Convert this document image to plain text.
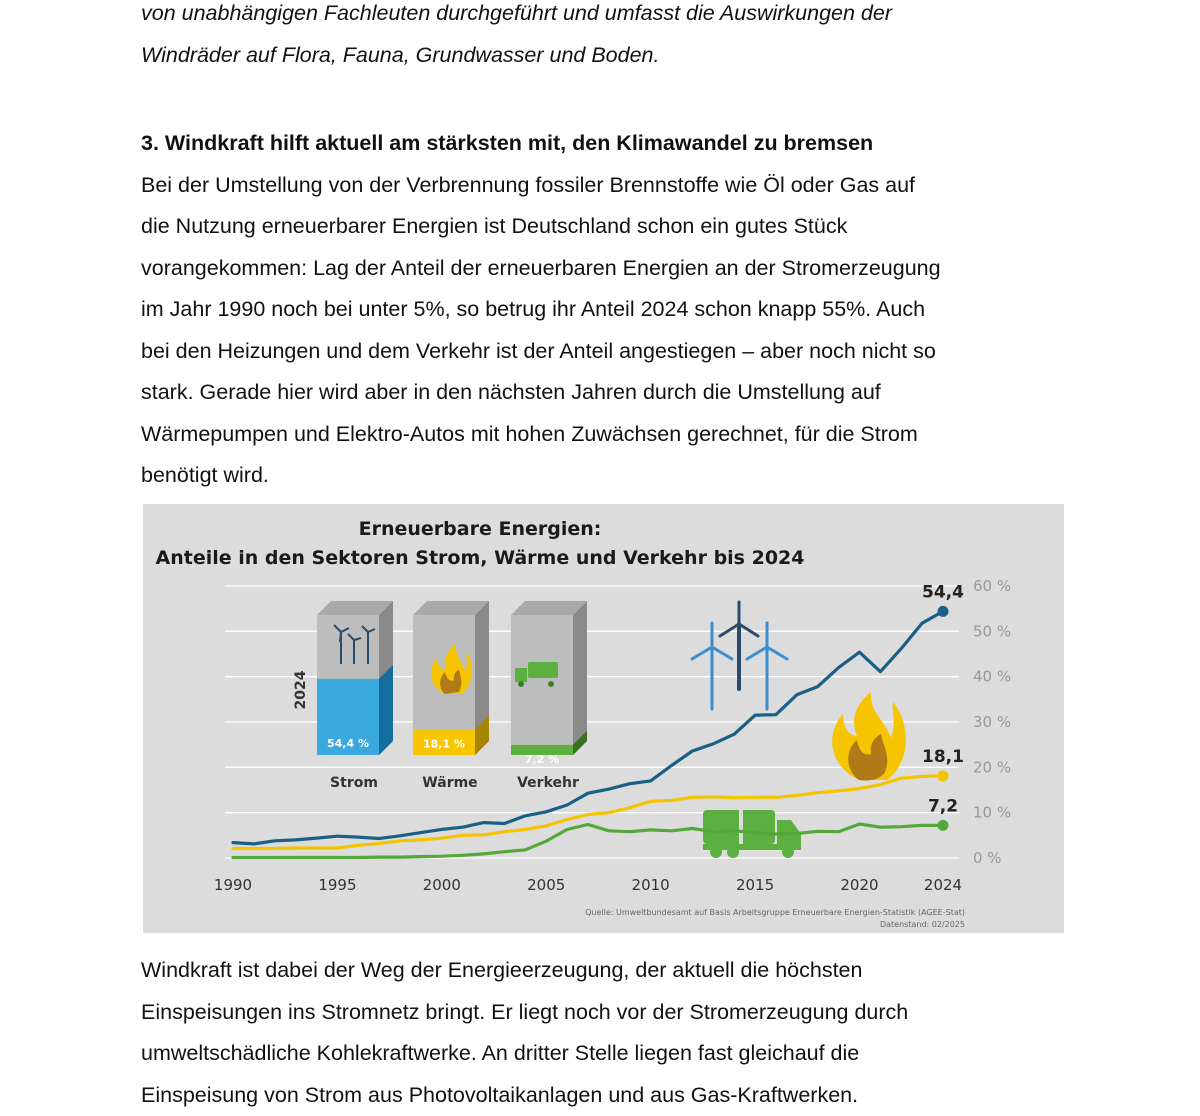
von unabhängigen Fachleuten durchgeführt und umfasst die Auswirkungen der
Windräder auf Flora, Fauna, Grundwasser und Boden.

3. Windkraft hilft aktuell am stärksten mit, den Klimawandel zu bremsen
Bei der Umstellung von der Verbrennung fossiler Brennstoffe wie Öl oder Gas auf
die Nutzung erneuerbarer Energien ist Deutschland schon ein gutes Stück
vorangekommen: Lag der Anteil der erneuerbaren Energien an der Stromerzeugung
im Jahr 1990 noch bei unter 5%, so betrug ihr Anteil 2024 schon knapp 55%. Auch
bei den Heizungen und dem Verkehr ist der Anteil angestiegen – aber noch nicht so
stark. Gerade hier wird aber in den nächsten Jahren durch die Umstellung auf
Wärmepumpen und Elektro-Autos mit hohen Zuwächsen gerechnet, für die Strom
benötigt wird.

Erneuerbare Energien:
Anteile in den Sektoren Strom, Wärme und Verkehr bis 2024
0 %
10 %
20 %
30 %
40 %
50 %
60 %
1990	1995	2000	2005	2010	2015	2020	2024
54,4
18,1
7,2
2024
54,4 %
Strom
18,1 %
Wärme
7,2 %
Verkehr
Quelle: Umweltbundesamt auf Basis Arbeitsgruppe Erneuerbare Energien-Statistik (AGEE-Stat)
Datenstand: 02/2025

Windkraft ist dabei der Weg der Energieerzeugung, der aktuell die höchsten
Einspeisungen ins Stromnetz bringt. Er liegt noch vor der Stromerzeugung durch
umweltschädliche Kohlekraftwerke. An dritter Stelle liegen fast gleichauf die
Einspeisung von Strom aus Photovoltaikanlagen und aus Gas-Kraftwerken.
